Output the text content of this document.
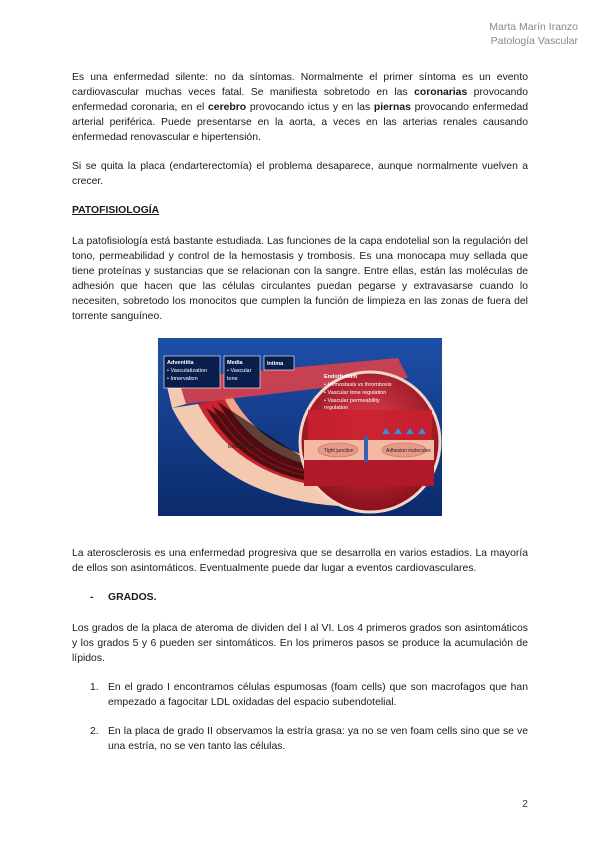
Marta Marín Iranzo
Patología Vascular

Es una enfermedad silente: no da síntomas. Normalmente el primer síntoma es un evento cardiovascular muchas veces fatal. Se manifiesta sobretodo en las coronarias provocando enfermedad coronaria, en el cerebro provocando ictus y en las piernas provocando enfermedad arterial periférica. Puede presentarse en la aorta, a veces en las arterias renales causando enfermedad renovascular e hipertensión.

Si se quita la placa (endarterectomía) el problema desaparece, aunque normalmente vuelven a crecer.

PATOFISIOLOGÍA

La patofisiología está bastante estudiada. Las funciones de la capa endotelial son la regulación del tono, permeabilidad y control de la hemostasis y trombosis. Es una monocapa muy sellada que tiene proteínas y sustancias que se relacionan con la sangre. Entre ellas, están las moléculas de adhesión que hacen que las células circulantes puedan pegarse y extravasarse cuando lo necesiten, sobretodo los monocitos que cumplen la función de limpieza en las zonas de fuera del torrente sanguíneo.

Adventitia
• Vasculatization
• Innervation
Media
• Vascular
tone
Intima
Endothelium
• Hemostasis vs thrombosis
• Vascular tone regulation
• Vascular permeability
regulation
Endothelium
Tight junction	Adhesion molecules

La aterosclerosis es una enfermedad progresiva que se desarrolla en varios estadios. La mayoría de ellos son asintomáticos. Eventualmente puede dar lugar a eventos cardiovasculares.

-	GRADOS.

Los grados de la placa de ateroma de dividen del I al VI. Los 4 primeros grados son asintomáticos y los grados 5 y 6 pueden ser sintomáticos. En los primeros pasos se produce la acumulación de lípidos.

1. En el grado I encontramos células espumosas (foam cells) que son macrofagos que han empezado a fagocitar LDL oxidadas del espacio subendotelial.
2. En la placa de grado II observamos la estría grasa: ya no se ven foam cells sino que se ve una estría, no se ven tanto las células.
2
